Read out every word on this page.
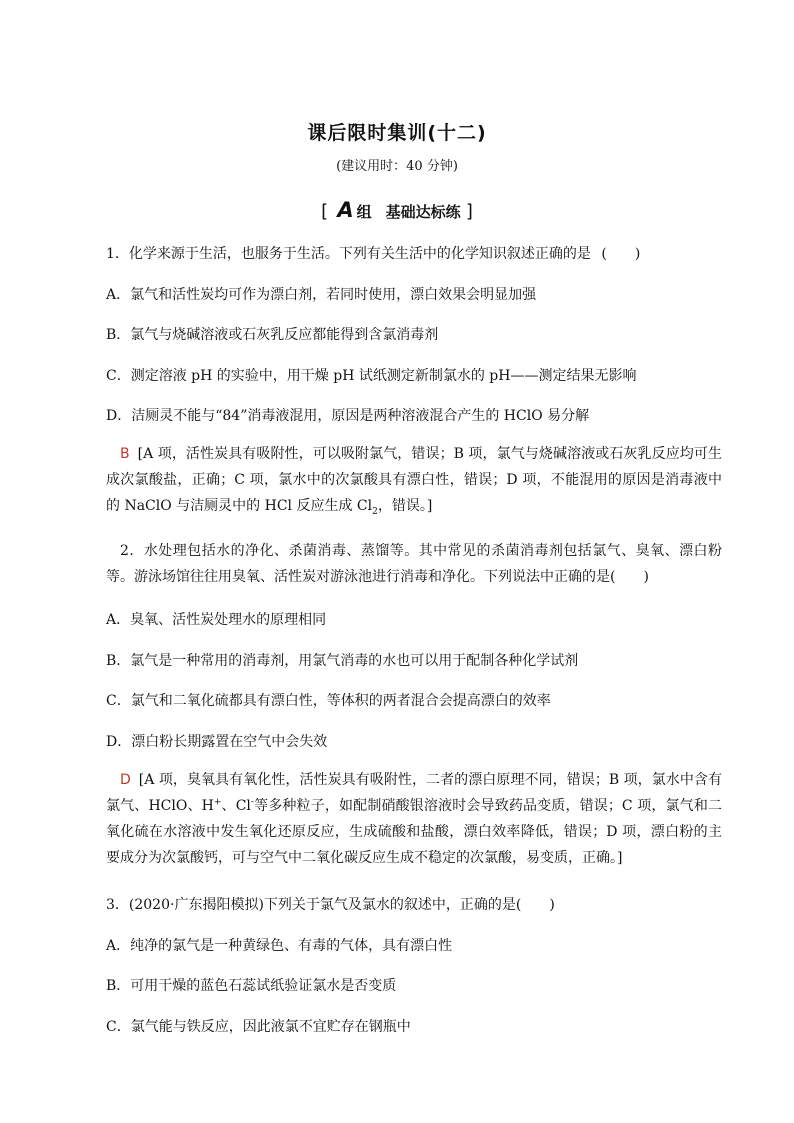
课后限时集训(十二)
(建议用时：40 分钟)
[ A 组 基础达标练 ]
1．化学来源于生活，也服务于生活。下列有关生活中的化学知识叙述正确的是 (　　)
A．氯气和活性炭均可作为漂白剂，若同时使用，漂白效果会明显加强
B．氯气与烧碱溶液或石灰乳反应都能得到含氯消毒剂
C．测定溶液 pH 的实验中，用干燥 pH 试纸测定新制氯水的 pH——测定结果无影响
D．洁厕灵不能与“84”消毒液混用，原因是两种溶液混合产生的 HClO 易分解
B [A 项，活性炭具有吸附性，可以吸附氯气，错误；B 项，氯气与烧碱溶液或石灰乳反应均可生成次氯酸盐，正确；C 项，氯水中的次氯酸具有漂白性，错误；D 项，不能混用的原因是消毒液中的 NaClO 与洁厕灵中的 HCl 反应生成 $Cl_2$，错误。]
2．水处理包括水的净化、杀菌消毒、蒸馏等。其中常见的杀菌消毒剂包括氯气、臭氧、漂白粉等。游泳场馆往往用臭氧、活性炭对游泳池进行消毒和净化。下列说法中正确的是(　　)
A．臭氧、活性炭处理水的原理相同
B．氯气是一种常用的消毒剂，用氯气消毒的水也可以用于配制各种化学试剂
C．氯气和二氧化硫都具有漂白性，等体积的两者混合会提高漂白的效率
D．漂白粉长期露置在空气中会失效
D [A 项，臭氧具有氧化性，活性炭具有吸附性，二者的漂白原理不同，错误；B 项，氯水中含有氯气、HClO、H+、Cl-等多种粒子，如配制硝酸银溶液时会导致药品变质，错误；C 项，氯气和二氧化硫在水溶液中发生氧化还原反应，生成硫酸和盐酸，漂白效率降低，错误；D 项，漂白粉的主要成分为次氯酸钙，可与空气中二氧化碳反应生成不稳定的次氯酸，易变质，正确。]
3．(2020·广东揭阳模拟)下列关于氯气及氯水的叙述中，正确的是(　　)
A．纯净的氯气是一种黄绿色、有毒的气体，具有漂白性
B．可用干燥的蓝色石蕊试纸验证氯水是否变质
C．氯气能与铁反应，因此液氯不宜贮存在钢瓶中
